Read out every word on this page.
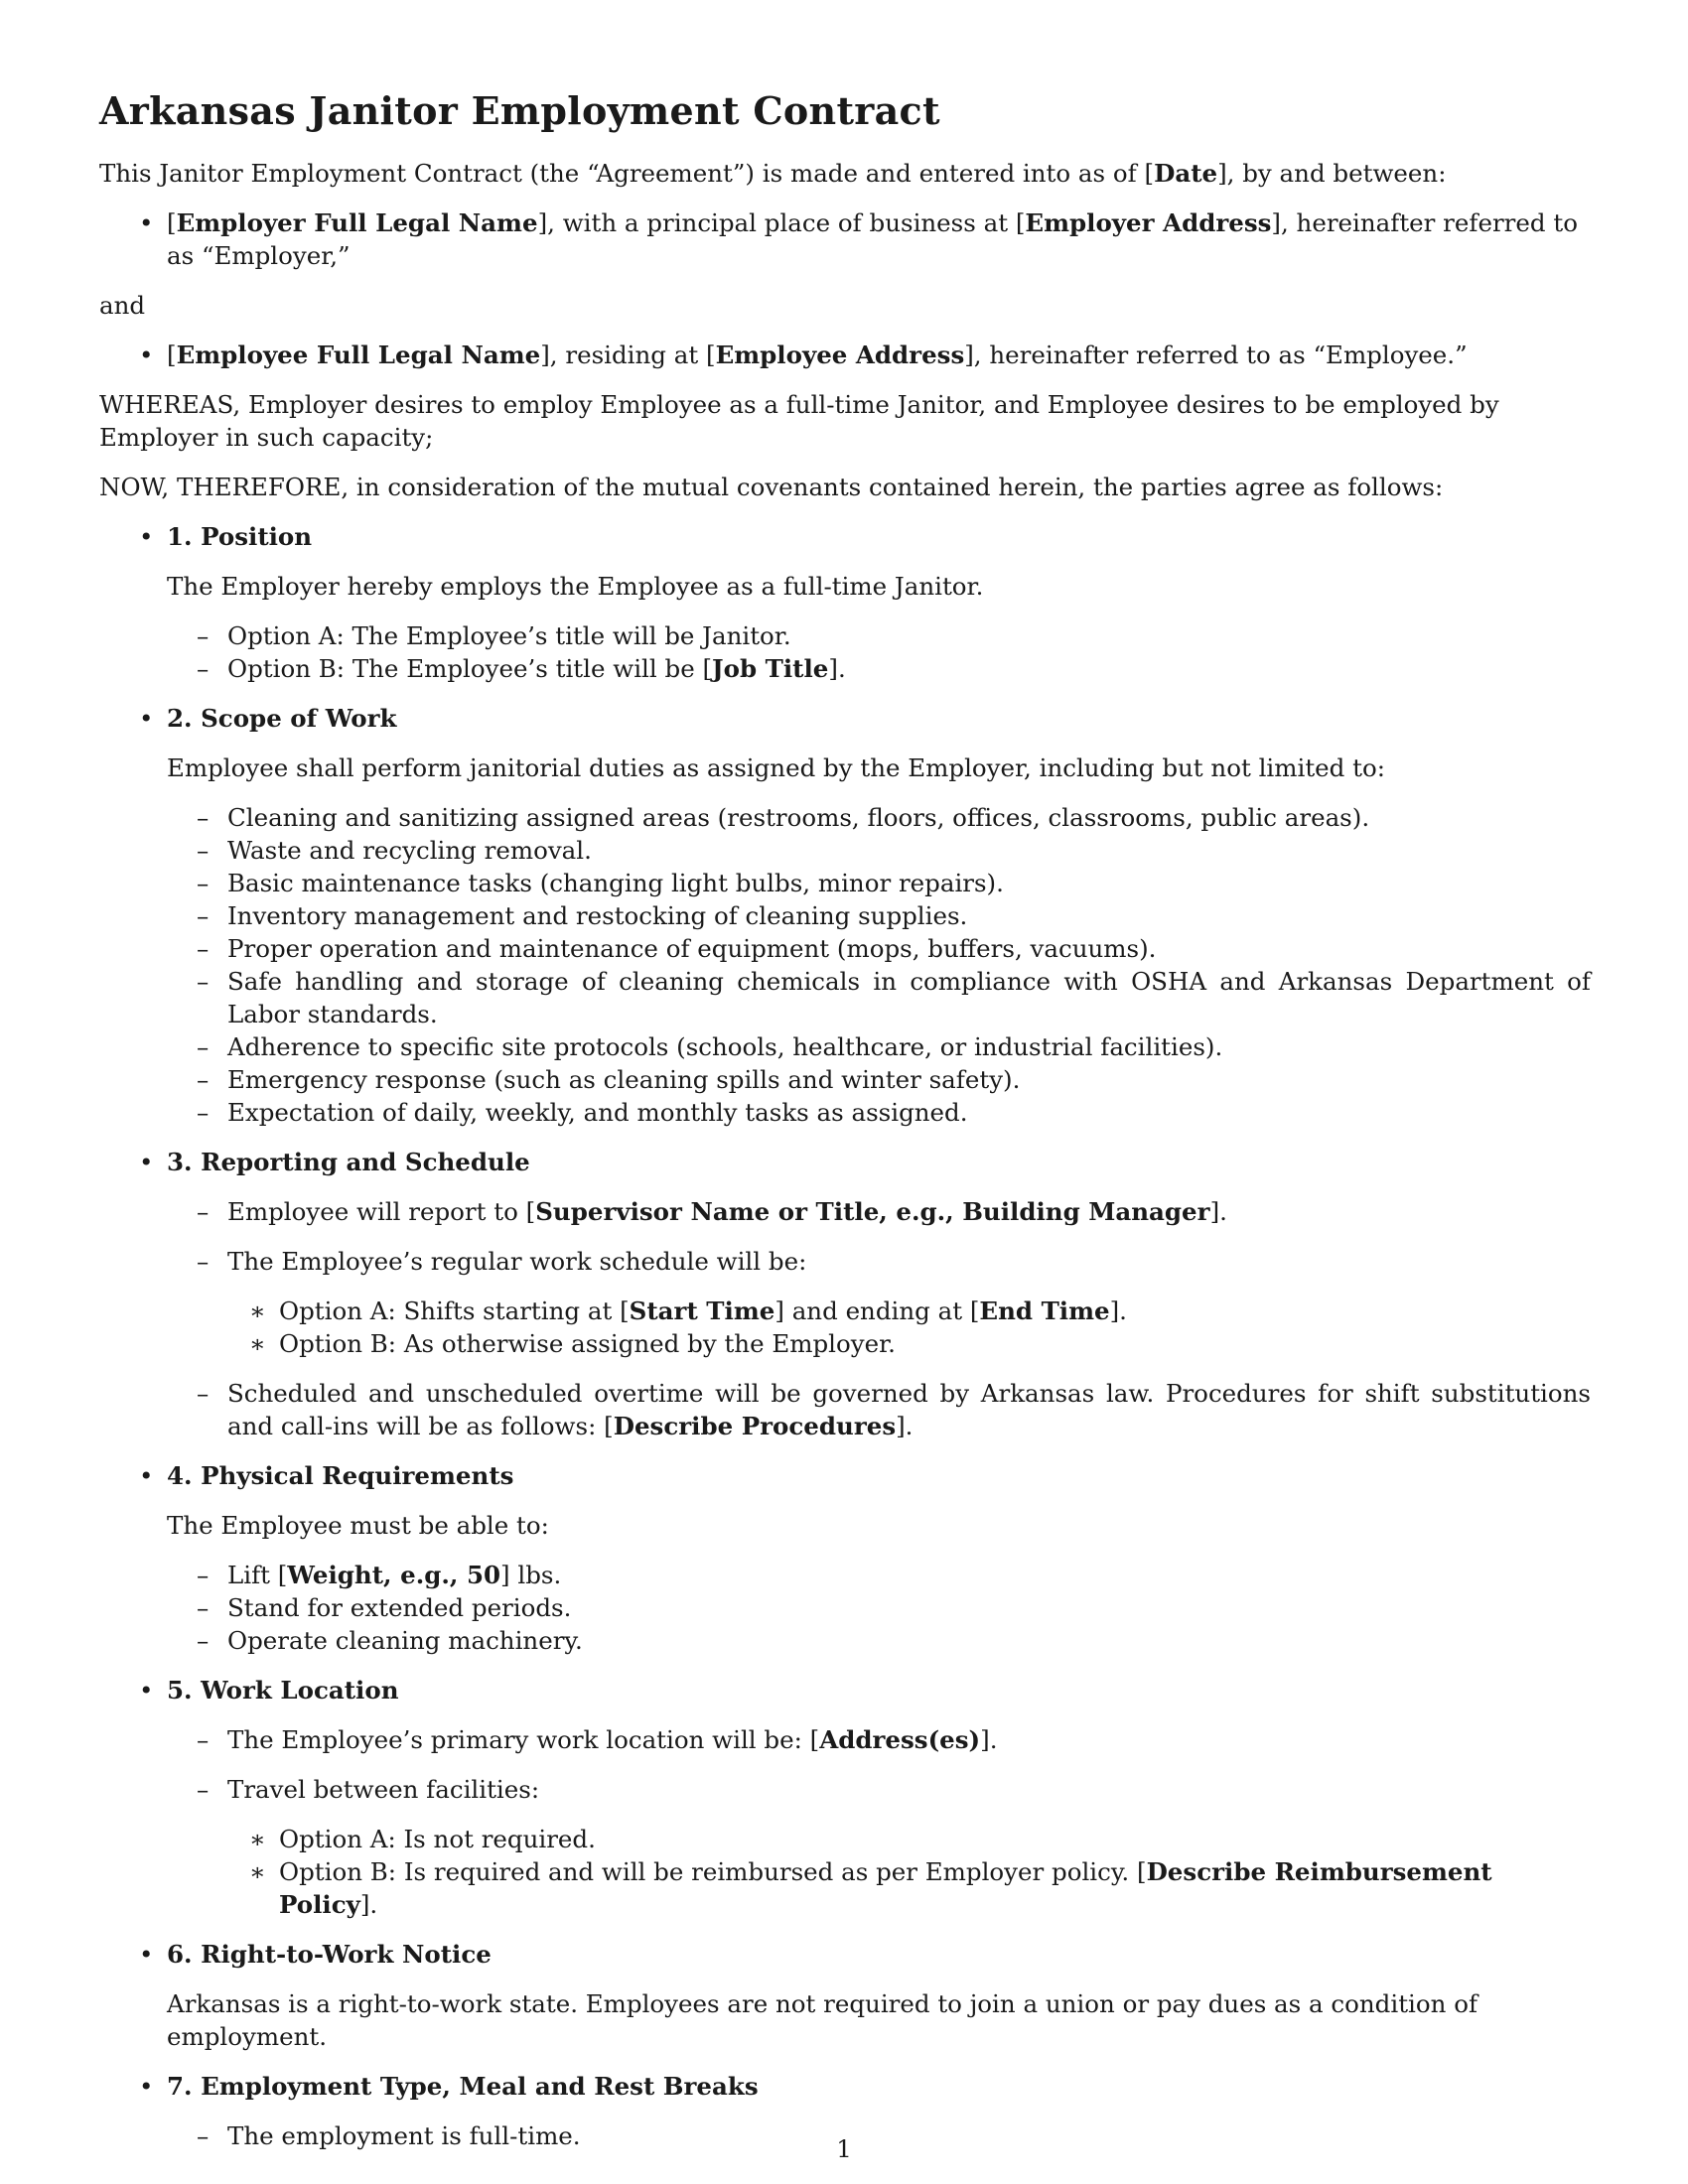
Arkansas Janitor Employment Contract

This Janitor Employment Contract (the “Agreement”) is made and entered into as of [Date], by and between:

• [Employer Full Legal Name], with a principal place of business at [Employer Address], hereinafter referred to as “Employer,”

and

• [Employee Full Legal Name], residing at [Employee Address], hereinafter referred to as “Employee.”

WHEREAS, Employer desires to employ Employee as a full-time Janitor, and Employee desires to be employed by Employer in such capacity;

NOW, THEREFORE, in consideration of the mutual covenants contained herein, the parties agree as follows:

• 1. Position

The Employer hereby employs the Employee as a full-time Janitor.

– Option A: The Employee’s title will be Janitor.
– Option B: The Employee’s title will be [Job Title].
• 2. Scope of Work

Employee shall perform janitorial duties as assigned by the Employer, including but not limited to:

– Cleaning and sanitizing assigned areas (restrooms, floors, offices, classrooms, public areas).
– Waste and recycling removal.
– Basic maintenance tasks (changing light bulbs, minor repairs).
– Inventory management and restocking of cleaning supplies.
– Proper operation and maintenance of equipment (mops, buffers, vacuums).
– Safe handling and storage of cleaning chemicals in compliance with OSHA and Arkansas Department of Labor standards.
– Adherence to specific site protocols (schools, healthcare, or industrial facilities).
– Emergency response (such as cleaning spills and winter safety).
– Expectation of daily, weekly, and monthly tasks as assigned.
• 3. Reporting and Schedule
– Employee will report to [Supervisor Name or Title, e.g., Building Manager].
– The Employee’s regular work schedule will be:
∗ Option A: Shifts starting at [Start Time] and ending at [End Time].
∗ Option B: As otherwise assigned by the Employer.
– Scheduled and unscheduled overtime will be governed by Arkansas law. Procedures for shift substitutions and call-ins will be as follows: [Describe Procedures].
• 4. Physical Requirements

The Employee must be able to:

– Lift [Weight, e.g., 50] lbs.
– Stand for extended periods.
– Operate cleaning machinery.
• 5. Work Location
– The Employee’s primary work location will be: [Address(es)].
– Travel between facilities:
∗ Option A: Is not required.
∗ Option B: Is required and will be reimbursed as per Employer policy. [Describe Reimbursement Policy].
• 6. Right-to-Work Notice

Arkansas is a right-to-work state. Employees are not required to join a union or pay dues as a condition of employment.

• 7. Employment Type, Meal and Rest Breaks
– The employment is full-time.	1
